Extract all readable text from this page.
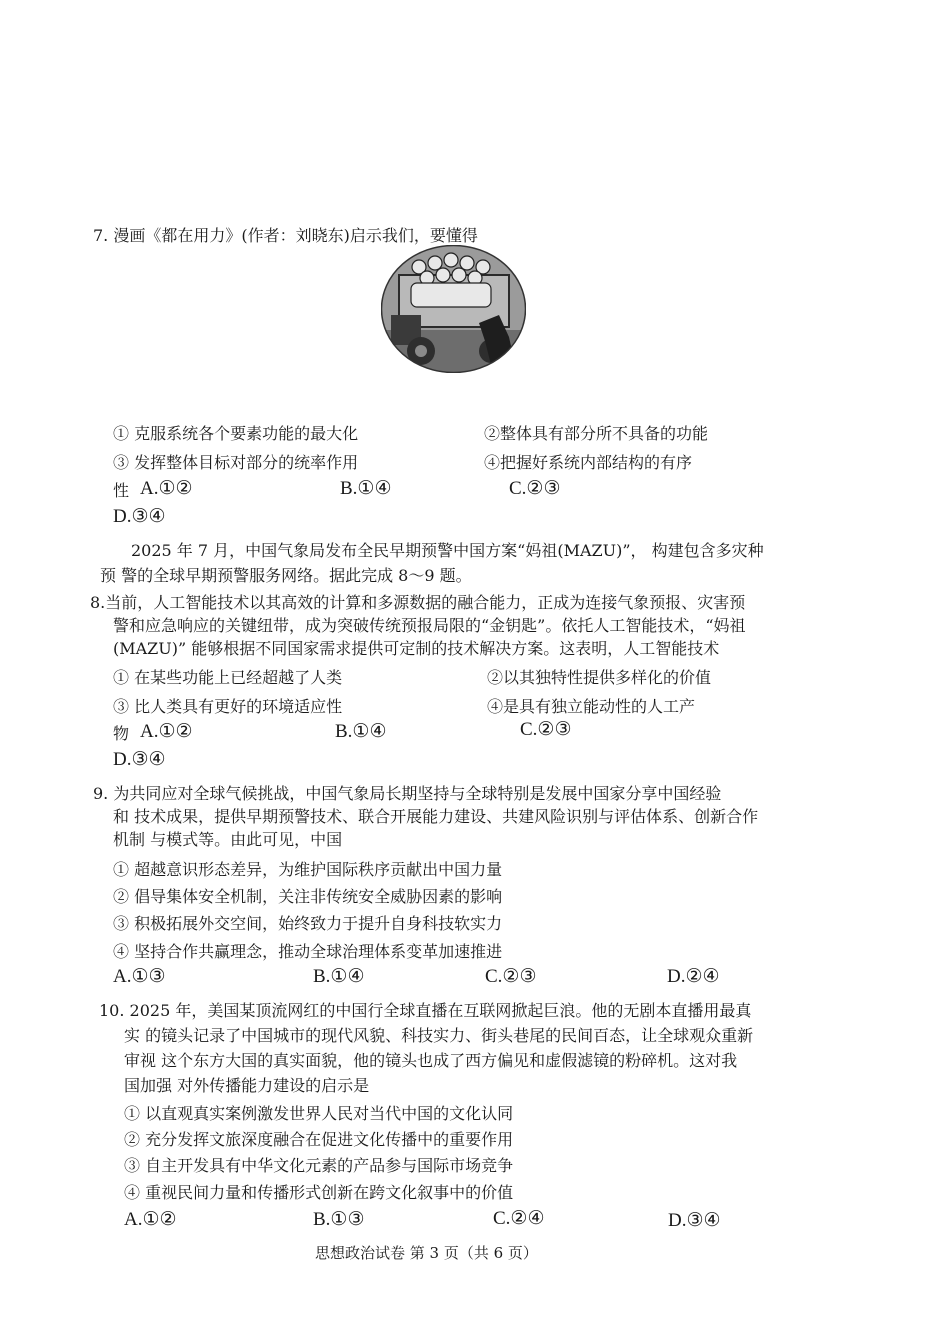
7. 漫画《都在用力》(作者：刘晓东)启示我们，要懂得
① 克服系统各个要素功能的最大化	②整体具有部分所不具备的功能
③ 发挥整体目标对部分的统率作用	④把握好系统内部结构的有序
性 A.①②	B.①④	C.②③
D.③④
2025 年 7 月，中国气象局发布全民早期预警中国方案“妈祖(MAZU)”， 构建包含多灾种
预 警的全球早期预警服务网络。据此完成 8～9 题。
8.当前，人工智能技术以其高效的计算和多源数据的融合能力，正成为连接气象预报、灾害预
警和应急响应的关键纽带，成为突破传统预报局限的“金钥匙”。依托人工智能技术，“妈祖
(MAZU)” 能够根据不同国家需求提供可定制的技术解决方案。这表明，人工智能技术
① 在某些功能上已经超越了人类	②以其独特性提供多样化的价值
③ 比人类具有更好的环境适应性	④是具有独立能动性的人工产
物 A.①②	B.①④	C.②③
D.③④
9. 为共同应对全球气候挑战，中国气象局长期坚持与全球特别是发展中国家分享中国经验
和 技术成果，提供早期预警技术、联合开展能力建设、共建风险识别与评估体系、创新合作
机制 与模式等。由此可见，中国
① 超越意识形态差异，为维护国际秩序贡献出中国力量
② 倡导集体安全机制，关注非传统安全威胁因素的影响
③ 积极拓展外交空间，始终致力于提升自身科技软实力
④ 坚持合作共赢理念，推动全球治理体系变革加速推进
A.①③	B.①④	C.②③	D.②④
10. 2025 年，美国某顶流网红的中国行全球直播在互联网掀起巨浪。他的无剧本直播用最真
实 的镜头记录了中国城市的现代风貌、科技实力、街头巷尾的民间百态，让全球观众重新
审视 这个东方大国的真实面貌，他的镜头也成了西方偏见和虚假滤镜的粉碎机。这对我
国加强 对外传播能力建设的启示是
① 以直观真实案例激发世界人民对当代中国的文化认同
② 充分发挥文旅深度融合在促进文化传播中的重要作用
③ 自主开发具有中华文化元素的产品参与国际市场竞争
④ 重视民间力量和传播形式创新在跨文化叙事中的价值
A.①②	B.①③	C.②④	D.③④
思想政治试卷 第 3 页（共 6 页）
